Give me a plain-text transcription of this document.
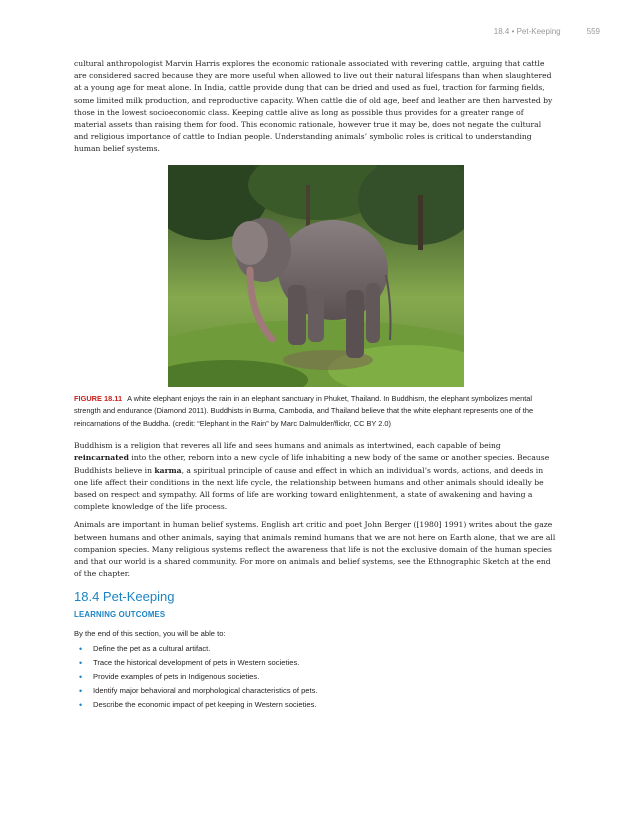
18.4 • Pet-Keeping	559

cultural anthropologist Marvin Harris explores the economic rationale associated with revering cattle, arguing that cattle are considered sacred because they are more useful when allowed to live out their natural lifespans than when slaughtered at a young age for meat alone. In India, cattle provide dung that can be dried and used as fuel, traction for farming fields, some limited milk production, and reproductive capacity. When cattle die of old age, beef and leather are then harvested by those in the lowest socioeconomic class. Keeping cattle alive as long as possible thus provides for a greater range of material assets than raising them for food. This economic rationale, however true it may be, does not negate the cultural and religious importance of cattle to Indian people. Understanding animals’ symbolic roles is critical to understanding human belief systems.

FIGURE 18.11 A white elephant enjoys the rain in an elephant sanctuary in Phuket, Thailand. In Buddhism, the elephant symbolizes mental strength and endurance (Diamond 2011). Buddhists in Burma, Cambodia, and Thailand believe that the white elephant represents one of the reincarnations of the Buddha. (credit: “Elephant in the Rain” by Marc Dalmulder/flickr, CC BY 2.0)

Buddhism is a religion that reveres all life and sees humans and animals as intertwined, each capable of being reincarnated into the other, reborn into a new cycle of life inhabiting a new body of the same or another species. Because Buddhists believe in karma, a spiritual principle of cause and effect in which an individual’s words, actions, and deeds in one life affect their conditions in the next life cycle, the relationship between humans and other animals should ideally be based on respect and sympathy. All forms of life are working toward enlightenment, a state of awakening and having a complete knowledge of the life process.

Animals are important in human belief systems. English art critic and poet John Berger ([1980] 1991) writes about the gaze between humans and other animals, saying that animals remind humans that we are not here on Earth alone, that we are all companion species. Many religious systems reflect the awareness that life is not the exclusive domain of the human species and that our world is a shared community. For more on animals and belief systems, see the Ethnographic Sketch at the end of the chapter.

18.4 Pet-Keeping
LEARNING OUTCOMES

By the end of this section, you will be able to:

• Define the pet as a cultural artifact.
• Trace the historical development of pets in Western societies.
• Provide examples of pets in Indigenous societies.
• Identify major behavioral and morphological characteristics of pets.
• Describe the economic impact of pet keeping in Western societies.
